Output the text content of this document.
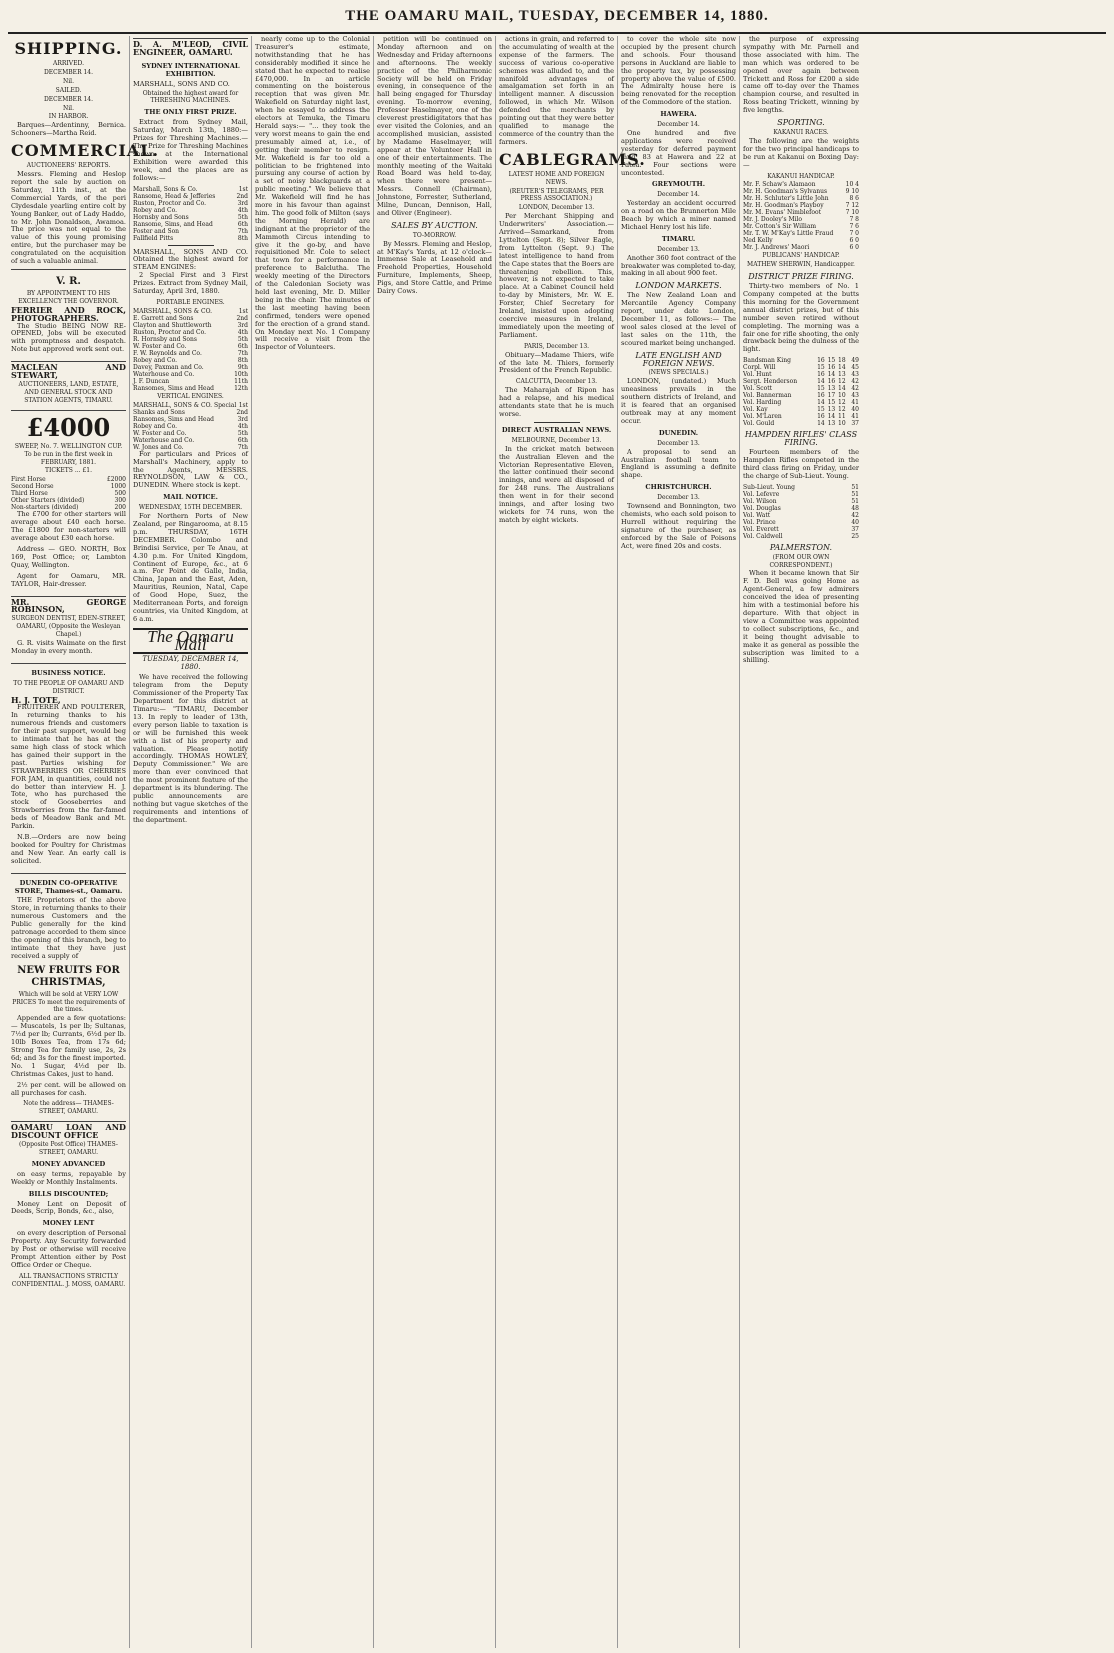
THE OAMARU MAIL, TUESDAY, DECEMBER 14, 1880.
SHIPPING.
ARRIVED.
DECEMBER 14.
Nil.
SAILED.
DECEMBER 14.
Nil.
IN HARBOR.

Barques—Ardentinny, Bernica. Schooners—Martha Reid.

COMMERCIAL.
AUCTIONEERS' REPORTS.

Messrs. Fleming and Heslop report the sale by auction on Saturday, 11th inst., at the Commercial Yards, of the peri Clydesdale yearling entire colt by Young Banker, out of Lady Haddo, to Mr. John Donaldson, Awamoa. The price was not equal to the value of this young promising entire, but the purchaser may be congratulated on the acquisition of such a valuable animal.

V. R.
BY APPOINTMENT TO HIS EXCELLENCY THE GOVERNOR.
FERRIER AND ROCK, PHOTOGRAPHERS.

The Studio BEING NOW RE-OPENED, Jobs will be executed with promptness and despatch. Note but approved work sent out.

MACLEAN AND STEWART,
AUCTIONEERS, LAND, ESTATE, AND GENERAL STOCK AND STATION AGENTS, TIMARU.
£4000
SWEEP, No. 7. WELLINGTON CUP. To be run in the first week in FEBRUARY, 1881.
TICKETS ... £1.
First Horse	£2000
Second Horse	1000
Third Horse	500
Other Starters (divided)	300
Non-starters (divided)	200

The £700 for other starters will average about £40 each horse. The £1800 for non-starters will average about £30 each horse.

Address — GEO. NORTH, Box 169, Post Office; or, Lambton Quay, Wellington.

Agent for Oamaru, MR. TAYLOR, Hair-dresser.

MR. GEORGE ROBINSON,
SURGEON DENTIST, EDEN-STREET, OAMARU, (Opposite the Wesleyan Chapel.)

G. R. visits Waimate on the first Monday in every month.

BUSINESS NOTICE.
TO THE PEOPLE OF OAMARU AND DISTRICT.
H. J. TOTE,

FRUITERER AND POULTERER, In returning thanks to his numerous friends and customers for their past support, would beg to intimate that he has at the same high class of stock which has gained their support in the past. Parties wishing for STRAWBERRIES OR CHERRIES FOR JAM, in quantities, could not do better than interview H. J. Tote, who has purchased the stock of Gooseberries and Strawberries from the far-famed beds of Meadow Bank and Mt. Parkin.

N.B.—Orders are now being booked for Poultry for Christmas and New Year. An early call is solicited.

DUNEDIN CO-OPERATIVE STORE, Thames-st., Oamaru.

THE Proprietors of the above Store, in returning thanks to their numerous Customers and the Public generally for the kind patronage accorded to them since the opening of this branch, beg to intimate that they have just received a supply of

NEW FRUITS FOR CHRISTMAS,
Which will be sold at VERY LOW PRICES To meet the requirements of the times.

Appended are a few quotations:— Muscatels, 1s per lb; Sultanas, 7½d per lb; Currants, 6½d per lb. 10lb Boxes Tea, from 17s 6d; Strong Tea for family use, 2s, 2s 6d; and 3s for the finest imported. No. 1 Sugar, 4½d per lb. Christmas Cakes, just to hand.

2½ per cent. will be allowed on all purchases for cash.

Note the address— THAMES-STREET, OAMARU.
OAMARU LOAN AND DISCOUNT OFFICE
(Opposite Post Office) THAMES-STREET, OAMARU.
MONEY ADVANCED

on easy terms, repayable by Weekly or Monthly Instalments.

BILLS DISCOUNTED;

Money Lent on Deposit of Deeds, Scrip, Bonds, &c., also,

MONEY LENT

on every description of Personal Property. Any Security forwarded by Post or otherwise will receive Prompt Attention either by Post Office Order or Cheque.

ALL TRANSACTIONS STRICTLY CONFIDENTIAL. J. MOSS, OAMARU.
D. A. M'LEOD, CIVIL ENGINEER, OAMARU.
SYDNEY INTERNATIONAL EXHIBITION.
MARSHALL, SONS AND CO.
Obtained the highest award for THRESHING MACHINES.
THE ONLY FIRST PRIZE.

Extract from Sydney Mail, Saturday, March 13th, 1880:— Prizes for Threshing Machines.—The Prize for Threshing Machines shown at the International Exhibition were awarded this week, and the places are as follows:—

Marshall, Sons & Co.	1st
Ransome, Head & Jefferies	2nd
Ruston, Proctor and Co.	3rd
Robey and Co.	4th
Hornsby and Sons	5th
Ransome, Sims, and Head	6th
Foster and Son	7th
Fallfield Pitts	8th
MARSHALL, SONS AND CO. Obtained the highest award for STEAM ENGINES:

2 Special First and 3 First Prizes. Extract from Sydney Mail, Saturday, April 3rd, 1880.

PORTABLE ENGINES.
MARSHALL, SONS & CO.	1st
E. Garrett and Sons	2nd
Clayton and Shuttleworth	3rd
Ruston, Proctor and Co.	4th
R. Hornsby and Sons	5th
W. Foster and Co.	6th
F. W. Reynolds and Co.	7th
Robey and Co.	8th
Davey, Paxman and Co.	9th
Waterhouse and Co.	10th
J. F. Duncan	11th
Ransomes, Sims and Head	12th
VERTICAL ENGINES.
MARSHALL, SONS & CO. Special	1st
Shanks and Sons	2nd
Ransomes, Sims and Head	3rd
Robey and Co.	4th
W. Foster and Co.	5th
Waterhouse and Co.	6th
W. Jones and Co.	7th

For particulars and Prices of Marshall's Machinery, apply to the Agents, MESSRS. REYNOLDSON, LAW & CO., DUNEDIN. Where stock is kept.

MAIL NOTICE.
WEDNESDAY, 15TH DECEMBER.

For Northern Ports of New Zealand, per Ringarooma, at 8.15 p.m. THURSDAY, 16TH DECEMBER. Colombo and Brindisi Service, per Te Anau, at 4.30 p.m. For United Kingdom, Continent of Europe, &c., at 6 a.m. For Point de Galle, India, China, Japan and the East, Aden, Mauritius, Reunion, Natal, Cape of Good Hope, Suez, the Mediterranean Ports, and foreign countries, via United Kingdom, at 6 a.m.

The Oamaru Mail
TUESDAY, DECEMBER 14, 1880.

We have received the following telegram from the Deputy Commissioner of the Property Tax Department for this district at Timaru:— "TIMARU, December 13. In reply to leader of 13th, every person liable to taxation is or will be furnished this week with a list of his property and valuation. Please notify accordingly. THOMAS HOWLEY, Deputy Commissioner." We are more than ever convinced that the most prominent feature of the department is its blundering. The public announcements are nothing but vague sketches of the requirements and intentions of the department.

nearly come up to the Colonial Treasurer's estimate, notwithstanding that he has considerably modified it since he stated that he expected to realise £470,000. In an article commenting on the boisterous reception that was given Mr. Wakefield on Saturday night last, when he essayed to address the electors at Temuka, the Timaru Herald says:— "... they took the very worst means to gain the end presumably aimed at, i.e., of getting their member to resign. Mr. Wakefield is far too old a politician to be frightened into pursuing any course of action by a set of noisy blackguards at a public meeting." We believe that Mr. Wakefield will find he has more in his favour than against him. The good folk of Milton (says the Morning Herald) are indignant at the proprietor of the Mammoth Circus intending to give it the go-by, and have requisitioned Mr. Cole to select that town for a performance in preference to Balclutha. The weekly meeting of the Directors of the Caledonian Society was held last evening, Mr. D. Miller being in the chair. The minutes of the last meeting having been confirmed, tenders were opened for the erection of a grand stand. On Monday next No. 1 Company will receive a visit from the Inspector of Volunteers.

petition will be continued on Monday afternoon and on Wednesday and Friday afternoons and afternoons. The weekly practice of the Philharmonic Society will be held on Friday evening, in consequence of the hall being engaged for Thursday evening. To-morrow evening, Professor Haselmayer, one of the cleverest prestidigitators that has ever visited the Colonies, and an accomplished musician, assisted by Madame Haselmayer, will appear at the Volunteer Hall in one of their entertainments. The monthly meeting of the Waitaki Road Board was held to-day, when there were present—Messrs. Connell (Chairman), Johnstone, Forrester, Sutherland, Milne, Duncan, Dennison, Hall, and Oliver (Engineer).

SALES BY AUCTION.
TO-MORROW.

By Messrs. Fleming and Heslop, at M'Kay's Yards, at 12 o'clock—Immense Sale at Leasehold and Freehold Properties, Household Furniture, Implements, Sheep, Pigs, and Store Cattle, and Prime Dairy Cows.

actions in grain, and referred to the accumulating of wealth at the expense of the farmers. The success of various co-operative schemes was alluded to, and the manifold advantages of amalgamation set forth in an intelligent manner. A discussion followed, in which Mr. Wilson defended the merchants by pointing out that they were better qualified to manage the commerce of the country than the farmers.

CABLEGRAMS.
LATEST HOME AND FOREIGN NEWS.
(REUTER'S TELEGRAMS, PER PRESS ASSOCIATION.)
LONDON, December 13.

Per Merchant Shipping and Underwriters' Association.—Arrived—Samarkand, from Lyttelton (Sept. 8); Silver Eagle, from Lyttelton (Sept. 9.) The latest intelligence to hand from the Cape states that the Boers are threatening rebellion. This, however, is not expected to take place. At a Cabinet Council held to-day by Ministers, Mr. W. E. Forster, Chief Secretary for Ireland, insisted upon adopting coercive measures in Ireland, immediately upon the meeting of Parliament.

PARIS, December 13.

Obituary—Madame Thiers, wife of the late M. Thiers, formerly President of the French Republic.

CALCUTTA, December 13.

The Maharajah of Ripon has had a relapse, and his medical attendants state that he is much worse.

DIRECT AUSTRALIAN NEWS.
MELBOURNE, December 13.

In the cricket match between the Australian Eleven and the Victorian Representative Eleven, the latter continued their second innings, and were all disposed of for 248 runs. The Australians then went in for their second innings, and after losing two wickets for 74 runs, won the match by eight wickets.

to cover the whole site now occupied by the present church and schools. Four thousand persons in Auckland are liable to the property tax, by possessing property above the value of £500. The Admiralty house here is being renovated for the reception of the Commodore of the station.

HAWERA.
December 14.

One hundred and five applications were received yesterday for deferred payment land, 83 at Hawera and 22 at Patea. Four sections were uncontested.

GREYMOUTH.
December 14.

Yesterday an accident occurred on a road on the Brunnerton Mile Beach by which a miner named Michael Henry lost his life.

TIMARU.
December 13.

Another 360 foot contract of the breakwater was completed to-day, making in all about 900 feet.

LONDON MARKETS.

The New Zealand Loan and Mercantile Agency Company report, under date London, December 11, as follows:— The wool sales closed at the level of last sales on the 11th, the scoured market being unchanged.

LATE ENGLISH AND FOREIGN NEWS.
(NEWS SPECIALS.)

LONDON, (undated.) Much uneasiness prevails in the southern districts of Ireland, and it is feared that an organised outbreak may at any moment occur.

DUNEDIN.
December 13.

A proposal to send an Australian football team to England is assuming a definite shape.

CHRISTCHURCH.
December 13.

Townsend and Bonnington, two chemists, who each sold poison to Hurrell without requiring the signature of the purchaser, as enforced by the Sale of Poisons Act, were fined 20s and costs.

the purpose of expressing sympathy with Mr. Parnell and those associated with him. The man which was ordered to be opened over again between Trickett and Ross for £200 a side came off to-day over the Thames champion course, and resulted in Ross beating Trickett, winning by five lengths.

SPORTING.
KAKANUI RACES.

The following are the weights for the two principal handicaps to be run at Kakanui on Boxing Day:—

KAKANUI HANDICAP.
Mr. F. Schaw's Alamaon	10 4
Mr. H. Goodman's Sylvanus	9 10
Mr. H. Schluter's Little John	8 6
Mr. H. Goodman's Playboy	7 12
Mr. M. Evans' Nimblefoot	7 10
Mr. J. Dooley's Milo	7 8
Mr. Cotton's Sir William	7 6
Mr. T. W. M'Kay's Little Fraud	7 0
Ned Kelly	6 0
Mr. J. Andrews' Maori	6 0
PUBLICANS' HANDICAP.
MATHEW SHERWIN, Handicapper.
DISTRICT PRIZE FIRING.

Thirty-two members of No. 1 Company competed at the butts this morning for the Government annual district prizes, but of this number seven retired without completing. The morning was a fair one for rifle shooting, the only drawback being the dulness of the light.

Bandsman King	16	15	18	49
Corpl. Will	15	16	14	45
Vol. Hunt	16	14	13	43
Sergt. Henderson	14	16	12	42
Vol. Scott	15	13	14	42
Vol. Bannerman	16	17	10	43
Vol. Harding	14	15	12	41
Vol. Kay	15	13	12	40
Vol. M'Laren	16	14	11	41
Vol. Gould	14	13	10	37
HAMPDEN RIFLES' CLASS FIRING.

Fourteen members of the Hampden Rifles competed in the third class firing on Friday, under the charge of Sub-Lieut. Young.

Sub-Lieut. Young	51
Vol. Lefevre	51
Vol. Wilson	51
Vol. Douglas	48
Vol. Watt	42
Vol. Prince	40
Vol. Everett	37
Vol. Caldwell	25
PALMERSTON.
(FROM OUR OWN CORRESPONDENT.)

When it became known that Sir F. D. Bell was going Home as Agent-General, a few admirers conceived the idea of presenting him with a testimonial before his departure. With that object in view a Committee was appointed to collect subscriptions, &c., and it being thought advisable to make it as general as possible the subscription was limited to a shilling.
